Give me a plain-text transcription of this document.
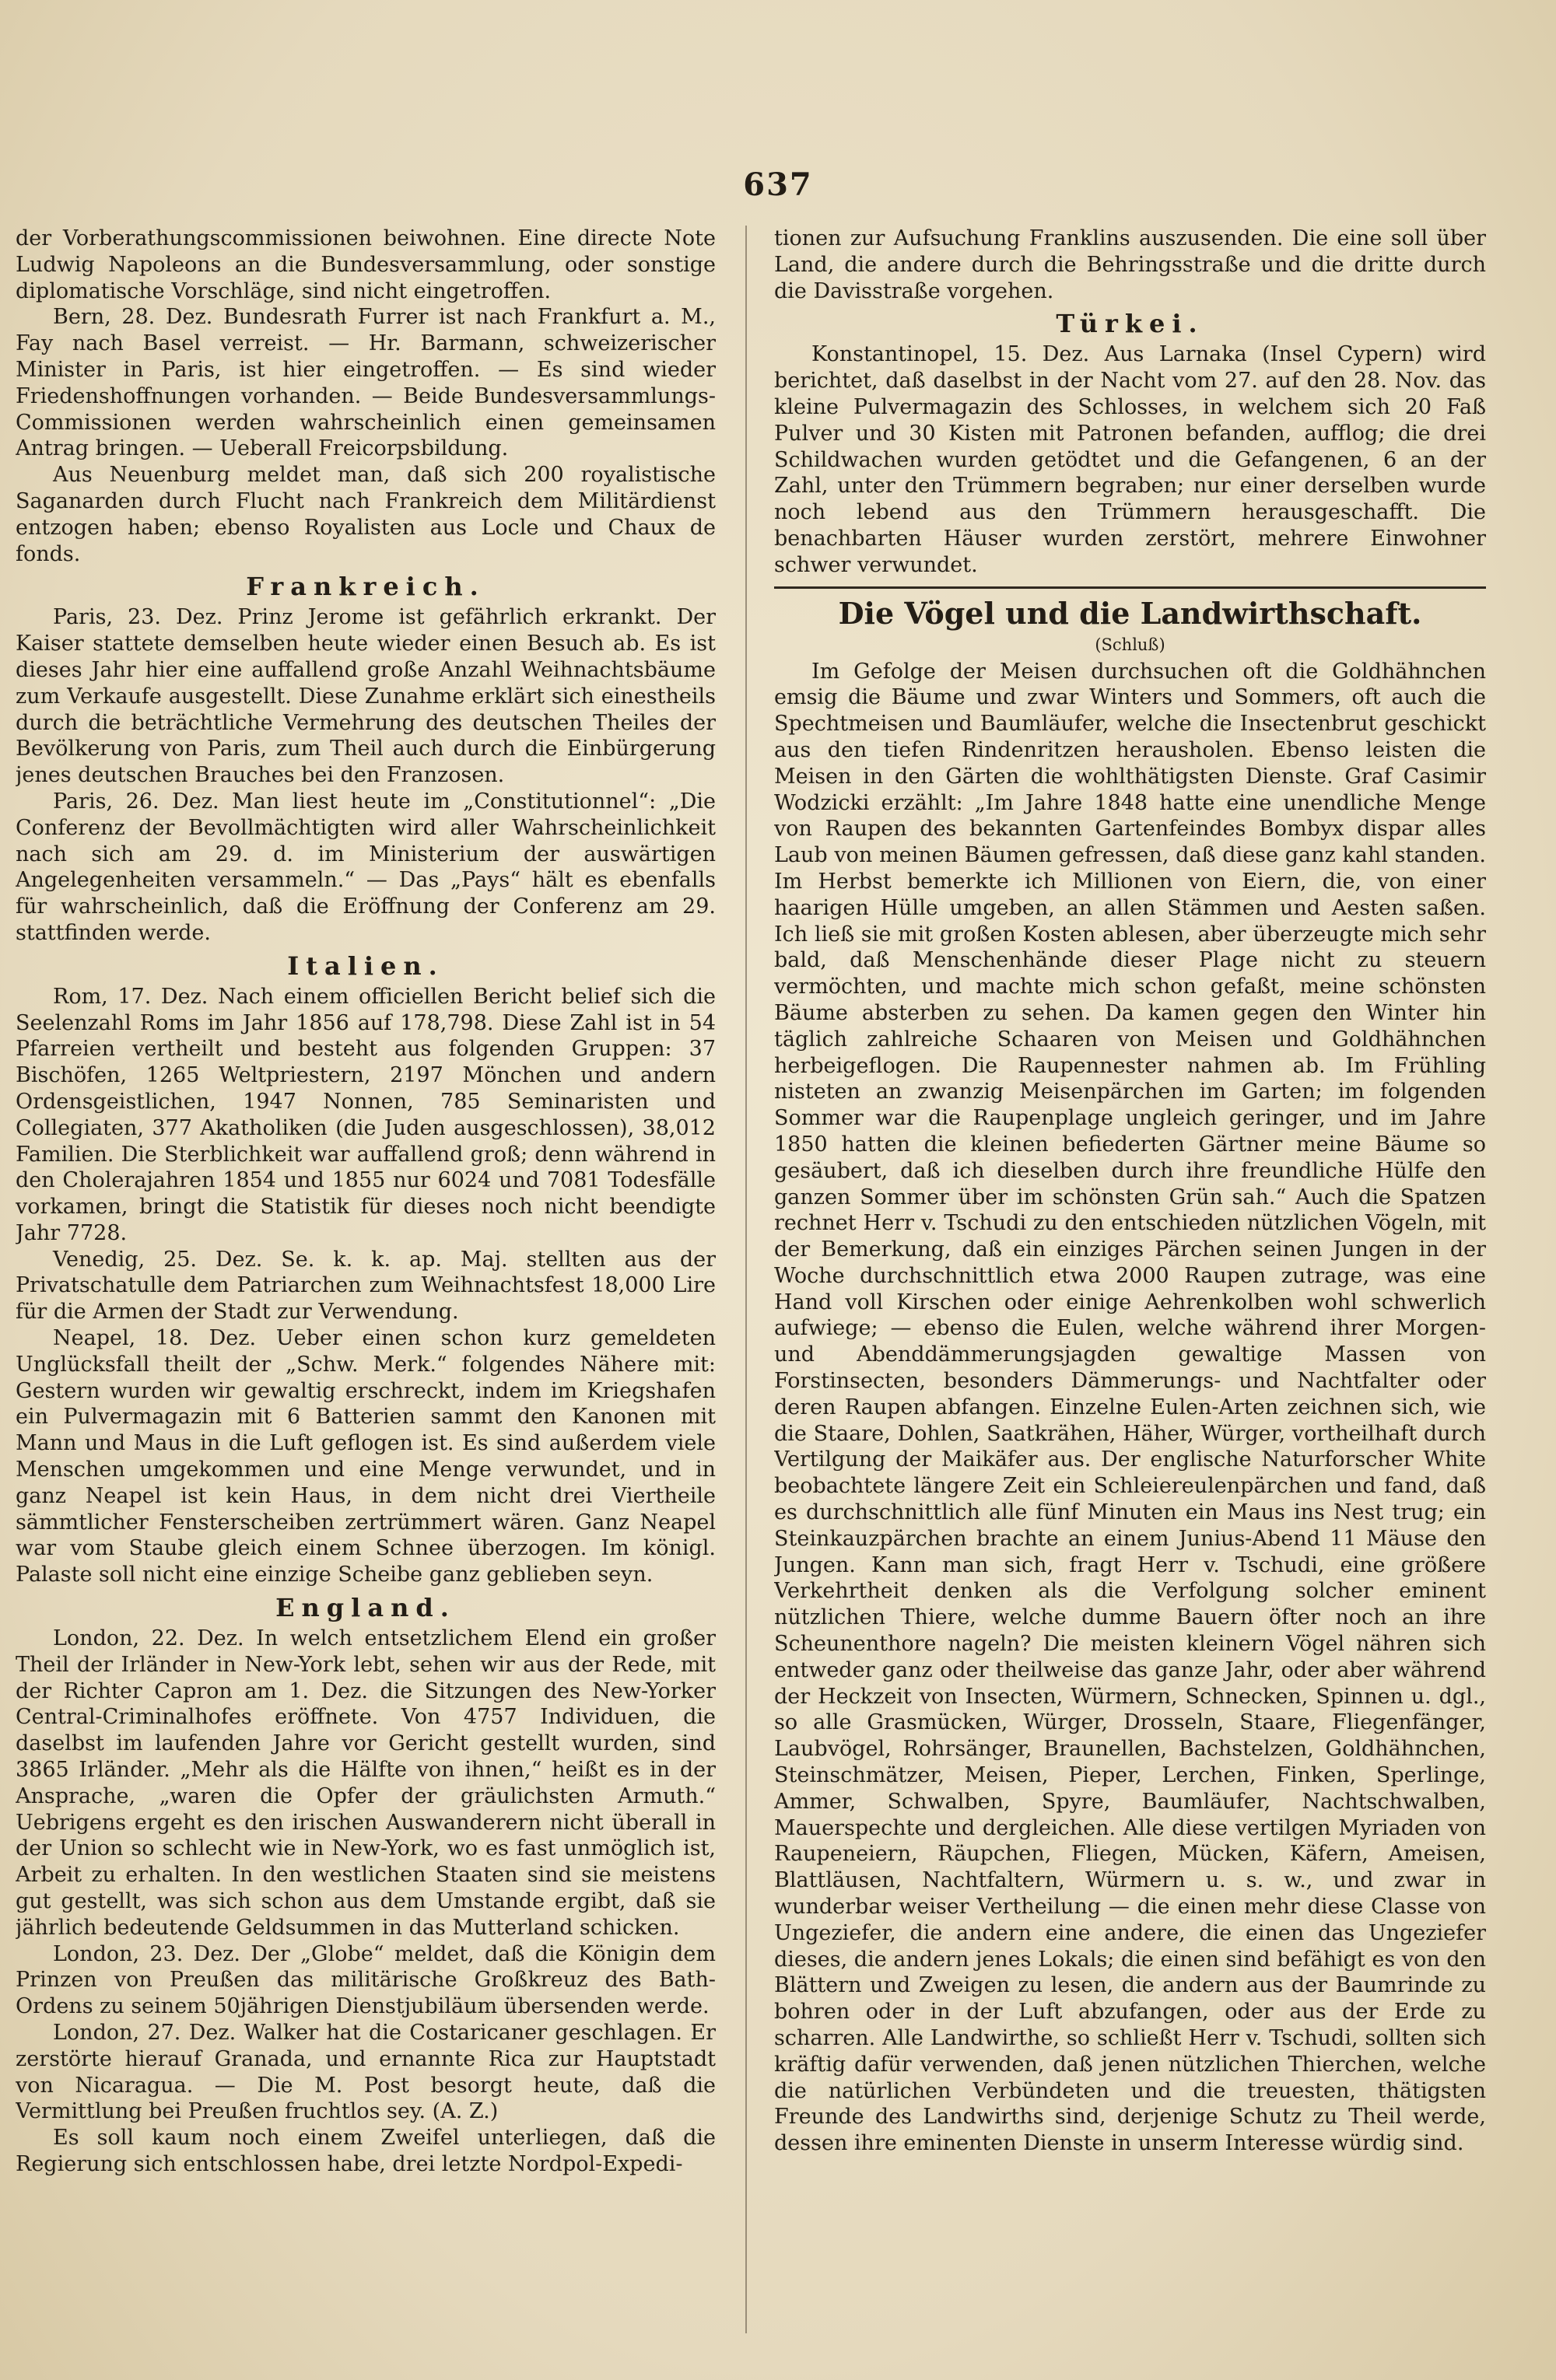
637

der Vorberathungscommissionen beiwohnen. Eine directe Note Ludwig Napoleons an die Bundesversammlung, oder sonstige diplomatische Vorschläge, sind nicht eingetroffen.

Bern, 28. Dez. Bundesrath Furrer ist nach Frankfurt a. M., Fay nach Basel verreist. — Hr. Barmann, schweizerischer Minister in Paris, ist hier eingetroffen. — Es sind wieder Friedenshoffnungen vorhanden. — Beide Bundesversammlungs-Commissionen werden wahrscheinlich einen gemeinsamen Antrag bringen. — Ueberall Freicorpsbildung.

Aus Neuenburg meldet man, daß sich 200 royalistische Saganarden durch Flucht nach Frankreich dem Militärdienst entzogen haben; ebenso Royalisten aus Locle und Chaux de fonds.

Frankreich.

Paris, 23. Dez. Prinz Jerome ist gefährlich erkrankt. Der Kaiser stattete demselben heute wieder einen Besuch ab. Es ist dieses Jahr hier eine auffallend große Anzahl Weihnachtsbäume zum Verkaufe ausgestellt. Diese Zunahme erklärt sich einestheils durch die beträchtliche Vermehrung des deutschen Theiles der Bevölkerung von Paris, zum Theil auch durch die Einbürgerung jenes deutschen Brauches bei den Franzosen.

Paris, 26. Dez. Man liest heute im „Constitutionnel“: „Die Conferenz der Bevollmächtigten wird aller Wahrscheinlichkeit nach sich am 29. d. im Ministerium der auswärtigen Angelegenheiten versammeln.“ — Das „Pays“ hält es ebenfalls für wahrscheinlich, daß die Eröffnung der Conferenz am 29. stattfinden werde.

Italien.

Rom, 17. Dez. Nach einem officiellen Bericht belief sich die Seelenzahl Roms im Jahr 1856 auf 178,798. Diese Zahl ist in 54 Pfarreien vertheilt und besteht aus folgenden Gruppen: 37 Bischöfen, 1265 Weltpriestern, 2197 Mönchen und andern Ordensgeistlichen, 1947 Nonnen, 785 Seminaristen und Collegiaten, 377 Akatholiken (die Juden ausgeschlossen), 38,012 Familien. Die Sterblichkeit war auffallend groß; denn während in den Cholerajahren 1854 und 1855 nur 6024 und 7081 Todesfälle vorkamen, bringt die Statistik für dieses noch nicht beendigte Jahr 7728.

Venedig, 25. Dez. Se. k. k. ap. Maj. stellten aus der Privatschatulle dem Patriarchen zum Weihnachtsfest 18,000 Lire für die Armen der Stadt zur Verwendung.

Neapel, 18. Dez. Ueber einen schon kurz gemeldeten Unglücksfall theilt der „Schw. Merk.“ folgendes Nähere mit: Gestern wurden wir gewaltig erschreckt, indem im Kriegshafen ein Pulvermagazin mit 6 Batterien sammt den Kanonen mit Mann und Maus in die Luft geflogen ist. Es sind außerdem viele Menschen umgekommen und eine Menge verwundet, und in ganz Neapel ist kein Haus, in dem nicht drei Viertheile sämmtlicher Fensterscheiben zertrümmert wären. Ganz Neapel war vom Staube gleich einem Schnee überzogen. Im königl. Palaste soll nicht eine einzige Scheibe ganz geblieben seyn.

England.

London, 22. Dez. In welch entsetzlichem Elend ein großer Theil der Irländer in New-York lebt, sehen wir aus der Rede, mit der Richter Capron am 1. Dez. die Sitzungen des New-Yorker Central-Criminalhofes eröffnete. Von 4757 Individuen, die daselbst im laufenden Jahre vor Gericht gestellt wurden, sind 3865 Irländer. „Mehr als die Hälfte von ihnen,“ heißt es in der Ansprache, „waren die Opfer der gräulichsten Armuth.“ Uebrigens ergeht es den irischen Auswanderern nicht überall in der Union so schlecht wie in New-York, wo es fast unmöglich ist, Arbeit zu erhalten. In den westlichen Staaten sind sie meistens gut gestellt, was sich schon aus dem Umstande ergibt, daß sie jährlich bedeutende Geldsummen in das Mutterland schicken.

London, 23. Dez. Der „Globe“ meldet, daß die Königin dem Prinzen von Preußen das militärische Großkreuz des Bath-Ordens zu seinem 50jährigen Dienstjubiläum übersenden werde.

London, 27. Dez. Walker hat die Costaricaner geschlagen. Er zerstörte hierauf Granada, und ernannte Rica zur Hauptstadt von Nicaragua. — Die M. Post besorgt heute, daß die Vermittlung bei Preußen fruchtlos sey. (A. Z.)

Es soll kaum noch einem Zweifel unterliegen, daß die Regierung sich entschlossen habe, drei letzte Nordpol-Expedi-

tionen zur Aufsuchung Franklins auszusenden. Die eine soll über Land, die andere durch die Behringsstraße und die dritte durch die Davisstraße vorgehen.

Türkei.

Konstantinopel, 15. Dez. Aus Larnaka (Insel Cypern) wird berichtet, daß daselbst in der Nacht vom 27. auf den 28. Nov. das kleine Pulvermagazin des Schlosses, in welchem sich 20 Faß Pulver und 30 Kisten mit Patronen befanden, aufflog; die drei Schildwachen wurden getödtet und die Gefangenen, 6 an der Zahl, unter den Trümmern begraben; nur einer derselben wurde noch lebend aus den Trümmern herausgeschafft. Die benachbarten Häuser wurden zerstört, mehrere Einwohner schwer verwundet.

Die Vögel und die Landwirthschaft.
(Schluß)

Im Gefolge der Meisen durchsuchen oft die Goldhähnchen emsig die Bäume und zwar Winters und Sommers, oft auch die Spechtmeisen und Baumläufer, welche die Insectenbrut geschickt aus den tiefen Rindenritzen herausholen. Ebenso leisten die Meisen in den Gärten die wohlthätigsten Dienste. Graf Casimir Wodzicki erzählt: „Im Jahre 1848 hatte eine unendliche Menge von Raupen des bekannten Gartenfeindes Bombyx dispar alles Laub von meinen Bäumen gefressen, daß diese ganz kahl standen. Im Herbst bemerkte ich Millionen von Eiern, die, von einer haarigen Hülle umgeben, an allen Stämmen und Aesten saßen. Ich ließ sie mit großen Kosten ablesen, aber überzeugte mich sehr bald, daß Menschenhände dieser Plage nicht zu steuern vermöchten, und machte mich schon gefaßt, meine schönsten Bäume absterben zu sehen. Da kamen gegen den Winter hin täglich zahlreiche Schaaren von Meisen und Goldhähnchen herbeigeflogen. Die Raupennester nahmen ab. Im Frühling nisteten an zwanzig Meisenpärchen im Garten; im folgenden Sommer war die Raupenplage ungleich geringer, und im Jahre 1850 hatten die kleinen befiederten Gärtner meine Bäume so gesäubert, daß ich dieselben durch ihre freundliche Hülfe den ganzen Sommer über im schönsten Grün sah.“ Auch die Spatzen rechnet Herr v. Tschudi zu den entschieden nützlichen Vögeln, mit der Bemerkung, daß ein einziges Pärchen seinen Jungen in der Woche durchschnittlich etwa 2000 Raupen zutrage, was eine Hand voll Kirschen oder einige Aehrenkolben wohl schwerlich aufwiege; — ebenso die Eulen, welche während ihrer Morgen- und Abenddämmerungsjagden gewaltige Massen von Forstinsecten, besonders Dämmerungs- und Nachtfalter oder deren Raupen abfangen. Einzelne Eulen-Arten zeichnen sich, wie die Staare, Dohlen, Saatkrähen, Häher, Würger, vortheilhaft durch Vertilgung der Maikäfer aus. Der englische Naturforscher White beobachtete längere Zeit ein Schleiereulenpärchen und fand, daß es durchschnittlich alle fünf Minuten ein Maus ins Nest trug; ein Steinkauzpärchen brachte an einem Junius-Abend 11 Mäuse den Jungen. Kann man sich, fragt Herr v. Tschudi, eine größere Verkehrtheit denken als die Verfolgung solcher eminent nützlichen Thiere, welche dumme Bauern öfter noch an ihre Scheunenthore nageln? Die meisten kleinern Vögel nähren sich entweder ganz oder theilweise das ganze Jahr, oder aber während der Heckzeit von Insecten, Würmern, Schnecken, Spinnen u. dgl., so alle Grasmücken, Würger, Drosseln, Staare, Fliegenfänger, Laubvögel, Rohrsänger, Braunellen, Bachstelzen, Goldhähnchen, Steinschmätzer, Meisen, Pieper, Lerchen, Finken, Sperlinge, Ammer, Schwalben, Spyre, Baumläufer, Nachtschwalben, Mauerspechte und dergleichen. Alle diese vertilgen Myriaden von Raupeneiern, Räupchen, Fliegen, Mücken, Käfern, Ameisen, Blattläusen, Nachtfaltern, Würmern u. s. w., und zwar in wunderbar weiser Vertheilung — die einen mehr diese Classe von Ungeziefer, die andern eine andere, die einen das Ungeziefer dieses, die andern jenes Lokals; die einen sind befähigt es von den Blättern und Zweigen zu lesen, die andern aus der Baumrinde zu bohren oder in der Luft abzufangen, oder aus der Erde zu scharren. Alle Landwirthe, so schließt Herr v. Tschudi, sollten sich kräftig dafür verwenden, daß jenen nützlichen Thierchen, welche die natürlichen Verbündeten und die treuesten, thätigsten Freunde des Landwirths sind, derjenige Schutz zu Theil werde, dessen ihre eminenten Dienste in unserm Interesse würdig sind.
